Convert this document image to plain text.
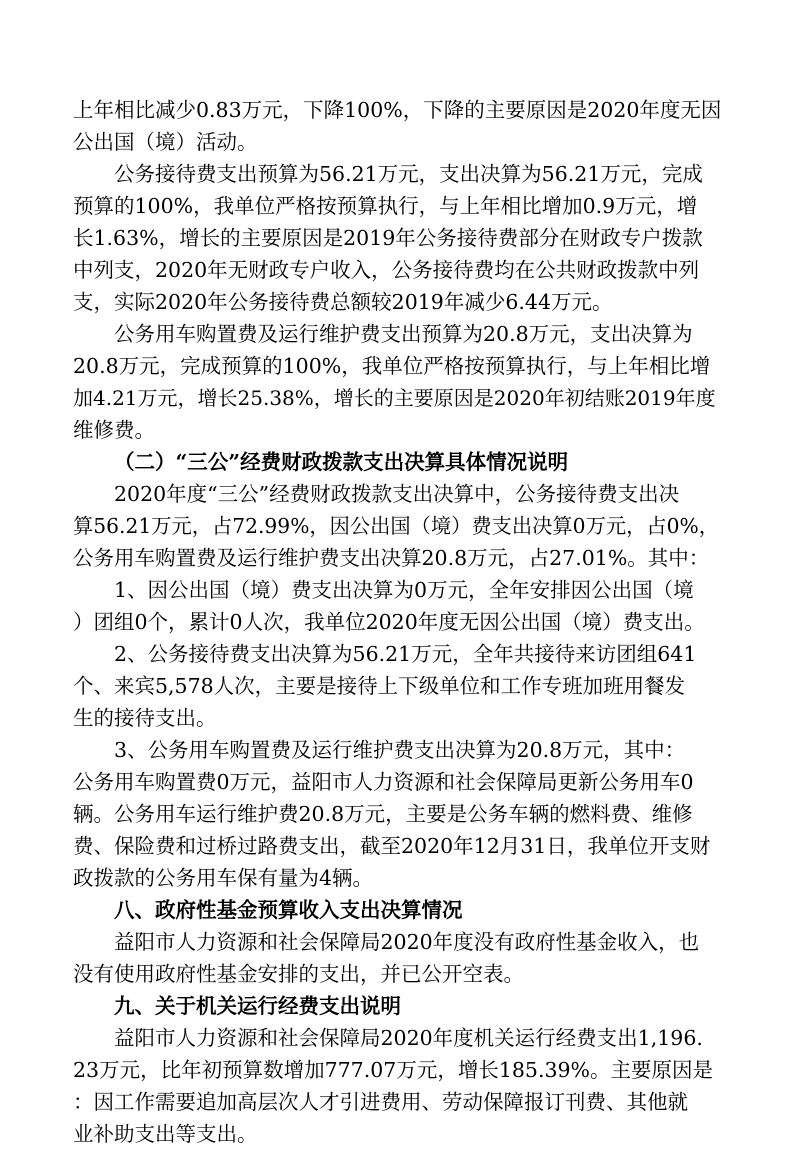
上年相比减少0.83万元，下降100%，下降的主要原因是2020年度无因
公出国（境）活动。
公务接待费支出预算为56.21万元，支出决算为56.21万元，完成
预算的100%，我单位严格按预算执行，与上年相比增加0.9万元，增
长1.63%，增长的主要原因是2019年公务接待费部分在财政专户拨款
中列支，2020年无财政专户收入，公务接待费均在公共财政拨款中列
支，实际2020年公务接待费总额较2019年减少6.44万元。
公务用车购置费及运行维护费支出预算为20.8万元，支出决算为
20.8万元，完成预算的100%，我单位严格按预算执行，与上年相比增
加4.21万元，增长25.38%，增长的主要原因是2020年初结账2019年度
维修费。
（二）“三公”经费财政拨款支出决算具体情况说明
2020年度“三公”经费财政拨款支出决算中，公务接待费支出决
算56.21万元，占72.99%，因公出国（境）费支出决算0万元，占0%，
公务用车购置费及运行维护费支出决算20.8万元，占27.01%。其中：
1、因公出国（境）费支出决算为0万元，全年安排因公出国（境
）团组0个，累计0人次，我单位2020年度无因公出国（境）费支出。
2、公务接待费支出决算为56.21万元，全年共接待来访团组641
个、来宾5,578人次，主要是接待上下级单位和工作专班加班用餐发
生的接待支出。
3、公务用车购置费及运行维护费支出决算为20.8万元，其中：
公务用车购置费0万元，益阳市人力资源和社会保障局更新公务用车0
辆。公务用车运行维护费20.8万元，主要是公务车辆的燃料费、维修
费、保险费和过桥过路费支出，截至2020年12月31日，我单位开支财
政拨款的公务用车保有量为4辆。
八、政府性基金预算收入支出决算情况
益阳市人力资源和社会保障局2020年度没有政府性基金收入，也
没有使用政府性基金安排的支出，并已公开空表。
九、关于机关运行经费支出说明
益阳市人力资源和社会保障局2020年度机关运行经费支出1,196.
23万元，比年初预算数增加777.07万元，增长185.39%。主要原因是
：因工作需要追加高层次人才引进费用、劳动保障报订刊费、其他就
业补助支出等支出。
